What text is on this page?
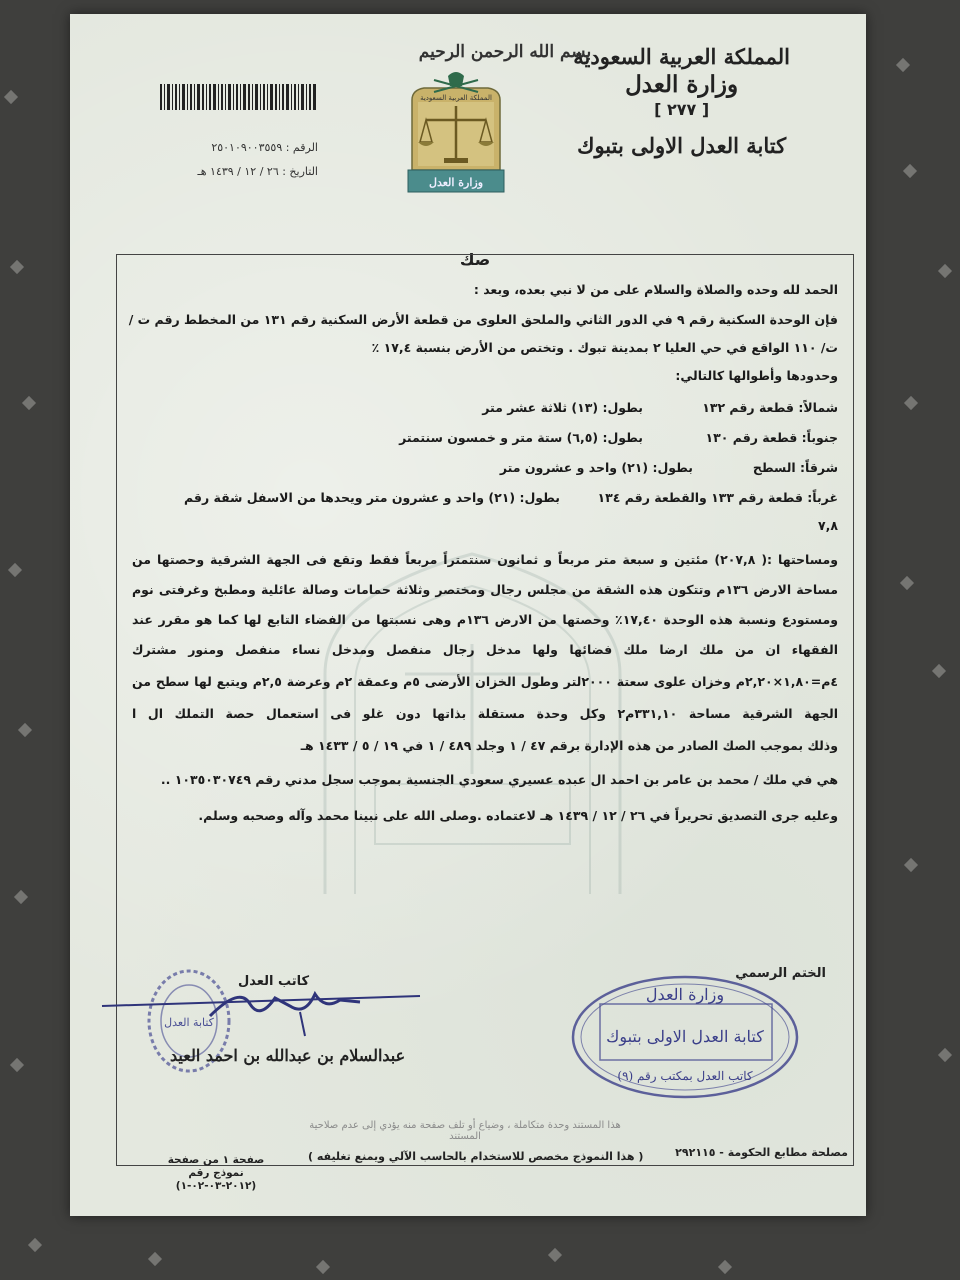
المملكة العربية السعودية
وزارة العدل
[ ٢٧٧ ]
كتابة العدل الاولى بتبوك
بسم الله الرحمن الرحيم
المملكة العربية السعودية
وزارة العدل
الرقم : ٢٥٠١٠٩٠٠٣٥٥٩
التاريخ : ٢٦ / ١٢ / ١٤٣٩ هـ
صك
الحمد لله وحده والصلاة والسلام على من لا نبي بعده، وبعد :
فإن الوحدة السكنية رقم ٩ في الدور الثاني والملحق العلوى من قطعة الأرض السكنية رقم ١٣١ من المخطط رقم ت /
ت/ ١١٠ الواقع في حي العليا ٢ بمدينة تبوك . وتختص من الأرض بنسبة ١٧,٤ ٪
وحدودها وأطوالها كالتالي:
شمالاً: قطعة رقم ١٣٢
بطول: (١٣) ثلاثة عشر متر
جنوباً: قطعة رقم ١٣٠
بطول: (٦,٥) ستة متر و خمسون سنتمتر
شرقاً: السطح
بطول: (٢١) واحد و عشرون متر
غرباً: قطعة رقم ١٣٣ والقطعة رقم ١٣٤
بطول: (٢١) واحد و عشرون متر ويحدها من الاسفل شقة رقم
٧,٨
ومساحتها :( ٢٠٧,٨) مئتين و سبعة متر مربعاً و ثمانون سنتمتراً مربعاً فقط وتقع فى الجهة الشرقية وحصتها من
مساحة الارض ١٣٦م وتتكون هذه الشقة من مجلس رجال ومختصر وثلاثة حمامات وصالة عائلية ومطبخ وغرفتى نوم
ومستودع ونسبة هذه الوحدة ١٧,٤٠٪ وحصتها من الارض ١٣٦م وهى نسبتها من الفضاء التابع لها كما هو مقرر عند
الفقهاء ان من ملك ارضا ملك فضائها ولها مدخل رجال منفصل ومدخل نساء منفصل ومنور مشترك
٤م=١,٨٠×٢,٢٠م وخزان علوى سعتة ٢٠٠٠لتر وطول الخزان الأرضى ٥م وعمقة ٢م وعرضة ٢,٥م ويتبع لها سطح من
الجهة الشرقية مساحة ٣٣١,١٠م٢ وكل وحدة مستقلة بذاتها دون غلو فى استعمال حصة التملك ال ا
وذلك بموجب الصك الصادر من هذه الإدارة برقم ٤٧ / ١ وجلد ٤٨٩ / ١ في ١٩ / ٥ / ١٤٣٣ هـ
هي في ملك / محمد بن عامر بن احمد ال عبده عسيري سعودي الجنسية بموجب سجل مدني رقم ١٠٣٥٠٣٠٧٤٩ ..
وعليه جرى التصديق تحريراً في ٢٦ / ١٢ / ١٤٣٩ هـ لاعتماده .وصلى الله على نبينا محمد وآله وصحبه وسلم.
الختم الرسمي
وزارة العدل
كتابة العدل الاولى بتبوك
كاتب العدل بمكتب رقم (٩)
كاتب العدل
كتابة العدل
عبدالسلام بن عبدالله بن احمد العيد
هذا المستند وحدة متكاملة ، وضياع أو تلف صفحة منه يؤدي إلى عدم صلاحية المستند
مصلحة مطابع الحكومة - ٢٩٢١١٥
( هذا النموذج مخصص للاستخدام بالحاسب الآلي ويمنع تغليفه )
صفحة ١ من صفحة
نموذج رقم (٢٠١٢-٠٣-٠٢-١)
